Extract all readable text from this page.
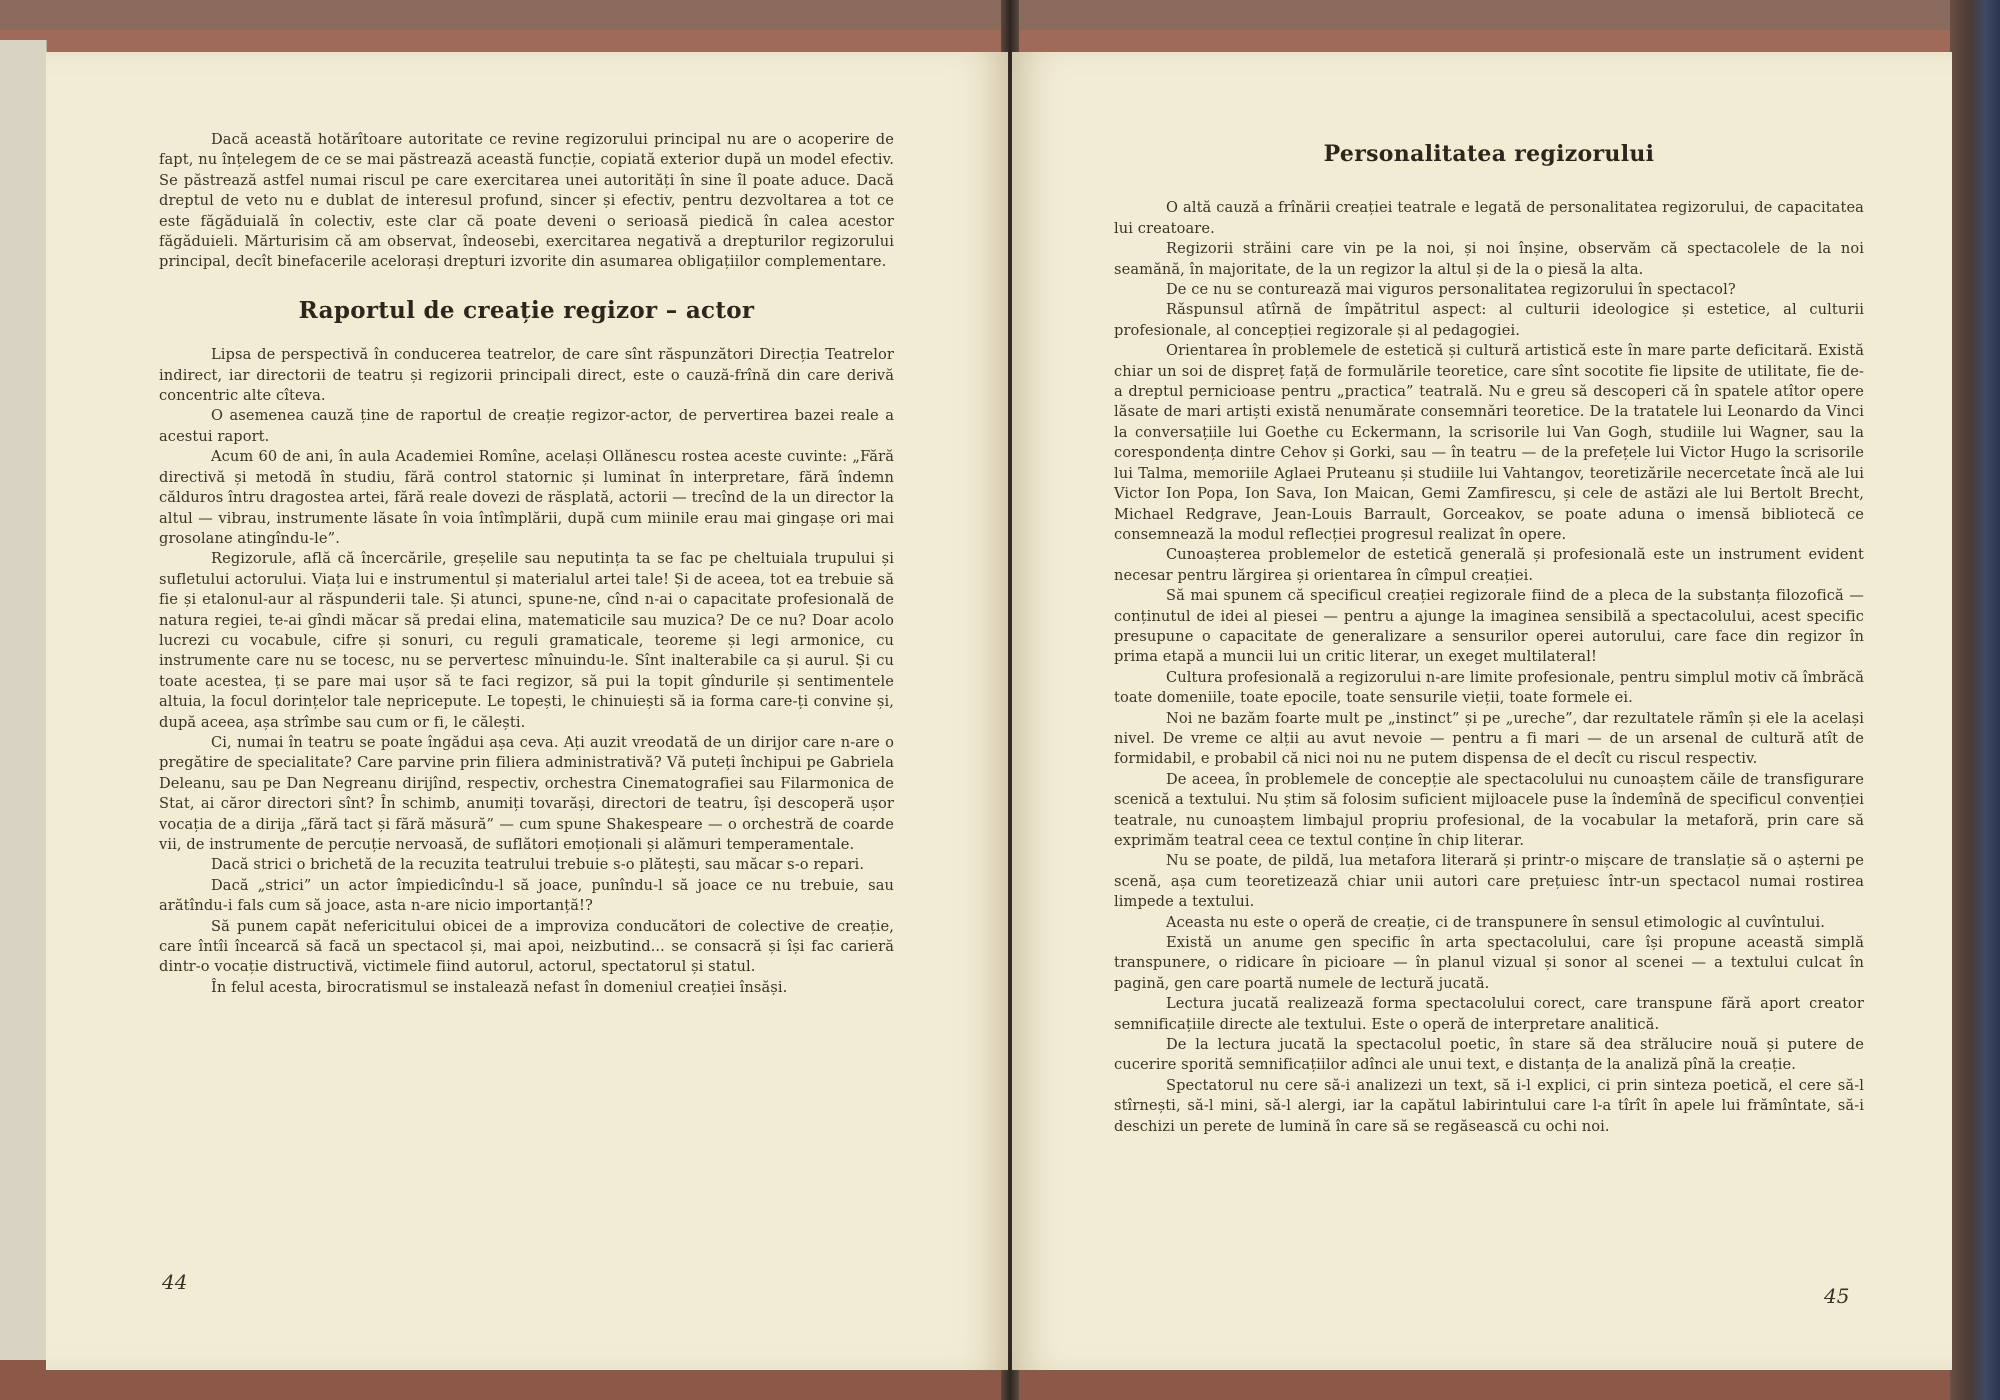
Dacă această hotărîtoare autoritate ce revine regizorului principal nu are o acoperire de fapt, nu înțelegem de ce se mai păstrează această funcție, copiată exterior după un model efectiv. Se păstrează astfel numai riscul pe care exercitarea unei autorități în sine îl poate aduce. Dacă dreptul de veto nu e dublat de interesul profund, sincer și efectiv, pentru dezvoltarea a tot ce este făgăduială în colectiv, este clar că poate deveni o serioasă piedică în calea acestor făgăduieli. Mărturisim că am observat, îndeosebi, exercitarea negativă a drepturilor regizorului principal, decît binefacerile acelorași drepturi izvorite din asumarea obligațiilor complementare.

Raportul de creație regizor – actor

Lipsa de perspectivă în conducerea teatrelor, de care sînt răspunzători Direcția Teatrelor indirect, iar directorii de teatru și regizorii principali direct, este o cauză-frînă din care derivă concentric alte cîteva.

O asemenea cauză ține de raportul de creație regizor-actor, de pervertirea bazei reale a acestui raport.

Acum 60 de ani, în aula Academiei Romîne, același Ollănescu rostea aceste cuvinte: „Fără directivă și metodă în studiu, fără control statornic și luminat în interpretare, fără îndemn călduros întru dragostea artei, fără reale dovezi de răsplată, actorii — trecînd de la un director la altul — vibrau, instrumente lăsate în voia întîmplării, după cum miinile erau mai gingașe ori mai grosolane atingîndu-le”.

Regizorule, află că încercările, greșelile sau neputința ta se fac pe cheltuiala trupului și sufletului actorului. Viața lui e instrumentul și materialul artei tale! Și de aceea, tot ea trebuie să fie și etalonul-aur al răspunderii tale. Și atunci, spune-ne, cînd n-ai o capacitate profesională de natura regiei, te-ai gîndi măcar să predai elina, matematicile sau muzica? De ce nu? Doar acolo lucrezi cu vocabule, cifre și sonuri, cu reguli gramaticale, teoreme și legi armonice, cu instrumente care nu se tocesc, nu se pervertesc mînuindu-le. Sînt inalterabile ca și aurul. Și cu toate acestea, ți se pare mai ușor să te faci regizor, să pui la topit gîndurile și sentimentele altuia, la focul dorințelor tale nepricepute. Le topești, le chinuiești să ia forma care-ți convine și, după aceea, așa strîmbe sau cum or fi, le călești.

Ci, numai în teatru se poate îngădui așa ceva. Ați auzit vreodată de un dirijor care n-are o pregătire de specialitate? Care parvine prin filiera administrativă? Vă puteți închipui pe Gabriela Deleanu, sau pe Dan Negreanu dirijînd, respectiv, orchestra Cinematografiei sau Filarmonica de Stat, ai căror directori sînt? În schimb, anumiți tovarăși, directori de teatru, își descoperă ușor vocația de a dirija „fără tact și fără măsură” — cum spune Shakespeare — o orchestră de coarde vii, de instrumente de percuție nervoasă, de suflători emoționali și alămuri temperamentale.

Dacă strici o brichetă de la recuzita teatrului trebuie s-o plătești, sau măcar s-o repari.

Dacă „strici” un actor împiedicîndu-l să joace, punîndu-l să joace ce nu trebuie, sau arătîndu-i fals cum să joace, asta n-are nicio importanță!?

Să punem capăt nefericitului obicei de a improviza conducători de colective de creație, care întîi încearcă să facă un spectacol și, mai apoi, neizbutind... se consacră și își fac carieră dintr-o vocație distructivă, victimele fiind autorul, actorul, spectatorul și statul.

În felul acesta, birocratismul se instalează nefast în domeniul creației însăși.

44
Personalitatea regizorului

O altă cauză a frînării creației teatrale e legată de personalitatea regizorului, de capacitatea lui creatoare.

Regizorii străini care vin pe la noi, și noi înșine, observăm că spectacolele de la noi seamănă, în majoritate, de la un regizor la altul și de la o piesă la alta.

De ce nu se conturează mai viguros personalitatea regizorului în spectacol?

Răspunsul atîrnă de împătritul aspect: al culturii ideologice și estetice, al culturii profesionale, al concepției regizorale și al pedagogiei.

Orientarea în problemele de estetică și cultură artistică este în mare parte deficitară. Există chiar un soi de dispreț față de formulările teoretice, care sînt socotite fie lipsite de utilitate, fie de-a dreptul pernicioase pentru „practica” teatrală. Nu e greu să descoperi că în spatele atîtor opere lăsate de mari artiști există nenumărate consemnări teoretice. De la tratatele lui Leonardo da Vinci la conversațiile lui Goethe cu Eckermann, la scrisorile lui Van Gogh, studiile lui Wagner, sau la corespondența dintre Cehov și Gorki, sau — în teatru — de la prefețele lui Victor Hugo la scrisorile lui Talma, memoriile Aglaei Pruteanu și studiile lui Vahtangov, teoretizările necercetate încă ale lui Victor Ion Popa, Ion Sava, Ion Maican, Gemi Zamfirescu, și cele de astăzi ale lui Bertolt Brecht, Michael Redgrave, Jean-Louis Barrault, Gorceakov, se poate aduna o imensă bibliotecă ce consemnează la modul reflecției progresul realizat în opere.

Cunoașterea problemelor de estetică generală și profesională este un instrument evident necesar pentru lărgirea și orientarea în cîmpul creației.

Să mai spunem că specificul creației regizorale fiind de a pleca de la substanța filozofică — conținutul de idei al piesei — pentru a ajunge la imaginea sensibilă a spectacolului, acest specific presupune o capacitate de generalizare a sensurilor operei autorului, care face din regizor în prima etapă a muncii lui un critic literar, un exeget multilateral!

Cultura profesională a regizorului n-are limite profesionale, pentru simplul motiv că îmbrăcă toate domeniile, toate epocile, toate sensurile vieții, toate formele ei.

Noi ne bazăm foarte mult pe „instinct” și pe „ureche”, dar rezultatele rămîn și ele la același nivel. De vreme ce alții au avut nevoie — pentru a fi mari — de un arsenal de cultură atît de formidabil, e probabil că nici noi nu ne putem dispensa de el decît cu riscul respectiv.

De aceea, în problemele de concepție ale spectacolului nu cunoaștem căile de transfigurare scenică a textului. Nu știm să folosim suficient mijloacele puse la îndemînă de specificul convenției teatrale, nu cunoaștem limbajul propriu profesional, de la vocabular la metaforă, prin care să exprimăm teatral ceea ce textul conține în chip literar.

Nu se poate, de pildă, lua metafora literară și printr-o mișcare de translație să o așterni pe scenă, așa cum teoretizează chiar unii autori care prețuiesc într-un spectacol numai rostirea limpede a textului.

Aceasta nu este o operă de creație, ci de transpunere în sensul etimologic al cuvîntului.

Există un anume gen specific în arta spectacolului, care își propune această simplă transpunere, o ridicare în picioare — în planul vizual și sonor al scenei — a textului culcat în pagină, gen care poartă numele de lectură jucată.

Lectura jucată realizează forma spectacolului corect, care transpune fără aport creator semnificațiile directe ale textului. Este o operă de interpretare analitică.

De la lectura jucată la spectacolul poetic, în stare să dea strălucire nouă și putere de cucerire sporită semnificațiilor adînci ale unui text, e distanța de la analiză pînă la creație.

Spectatorul nu cere să-i analizezi un text, să i-l explici, ci prin sinteza poetică, el cere să-l stîrnești, să-l mini, să-l alergi, iar la capătul labirintului care l-a tîrît în apele lui frămîntate, să-i deschizi un perete de lumină în care să se regăsească cu ochi noi.

45
